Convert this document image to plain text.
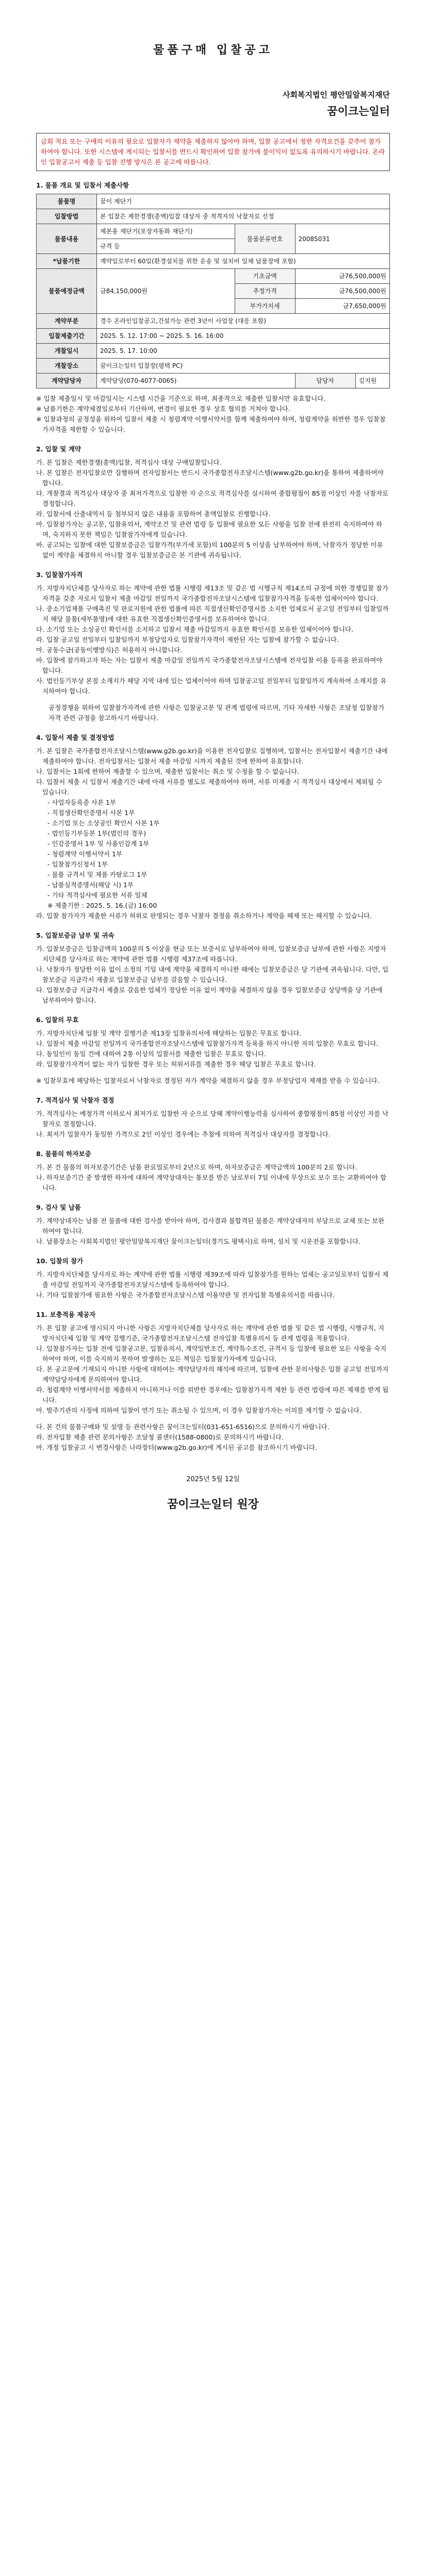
물품구매 입찰공고
사회복지법인 평안밀알복지재단
꿈이크는일터
금회 적요 또는 구매의 이유의 필요로 입찰자가 제약을 제출하지 않아야 하며, 입찰 공고에서 정한 자격요건을 갖추어 참가하여야 합니다. 또한 시스템에 게시되는 입찰서를 반드시 확인하여 입찰 참가에 불이익이 없도록 유의하시기 바랍니다. 온라인 입찰공고서 제출 등 입찰 진행 방식은 본 공고에 따릅니다.
1. 물품 개요 및 입찰서 제출사항
물품명	꿈이 제단기			
입찰방법	본 입찰은 제한경쟁(총액)입찰 대상자 중 적격자의 낙찰자로 선정			
물품내용	제본용 재단기(포장자동화 재단기)	물품분류번호	20085031	
	규격 등			
*납품기한	계약일로부터 60일(환경설치를 위한 운송 및 설치비 일체 납품장에 포함)			
물품예정금액	금84,150,000원	기초금액	금76,500,000원	
		추정가격	금76,500,000원	
		부가가치세	금7,650,000원	
계약부분	경수 온라인입찰공고,건설가능 관련 3년이 사업장 (대응 포함)			
입찰제출기간	2025. 5. 12. 17:00 ~ 2025. 5. 16. 16:00			
개찰일시	2025. 5. 17. 10:00			
개찰장소	꿈이크는일터 입찰장(평택 PC)			
계약담당자	계약담당(070-4077-0065)		담당자	김지원

※ 입찰 제출일시 및 마감일시는 시스템 시간을 기준으로 하며, 최종적으로 제출한 입찰서만 유효합니다.

※ 납품기한은 계약체결일로부터 기산하며, 변경이 필요한 경우 상호 협의를 거쳐야 합니다.

※ 입찰과정의 공정성을 위하여 입찰서 제출 시 청렴계약 이행서약서를 함께 제출하여야 하며, 청렴계약을 위반한 경우 입찰참가자격을 제한할 수 있습니다.

2. 입찰 및 계약

가. 본 입찰은 제한경쟁(총액)입찰, 적격심사 대상 구매입찰입니다.

나. 본 입찰은 전자입찰로만 집행하며 전자입찰서는 반드시 국가종합전자조달시스템(www.g2b.go.kr)을 통하여 제출하여야 합니다.

다. 개찰결과 적격심사 대상자 중 최저가격으로 입찰한 자 순으로 적격심사를 실시하여 종합평점이 85점 이상인 자를 낙찰자로 결정합니다.

라. 입찰서에 산출내역서 등 첨부되지 않은 내용을 포함하여 총액입찰로 진행합니다.

마. 입찰참가자는 공고문, 입찰유의서, 계약조건 및 관련 법령 등 입찰에 필요한 모든 사항을 입찰 전에 완전히 숙지하여야 하며, 숙지하지 못한 책임은 입찰참가자에게 있습니다.

바. 공고되는 입찰에 대한 입찰보증금은 입찰가격(부가세 포함)의 100분의 5 이상을 납부하여야 하며, 낙찰자가 정당한 이유 없이 계약을 체결하지 아니할 경우 입찰보증금은 본 기관에 귀속됩니다.

3. 입찰참가자격

가. 지방자치단체를 당사자로 하는 계약에 관한 법률 시행령 제13조 및 같은 법 시행규칙 제14조의 규정에 의한 경쟁입찰 참가자격을 갖춘 자로서 입찰서 제출 마감일 전일까지 국가종합전자조달시스템에 입찰참가자격을 등록한 업체이어야 합니다.

나. 중소기업제품 구매촉진 및 판로지원에 관한 법률에 따른 직접생산확인증명서를 소지한 업체로서 공고일 전일부터 입찰일까지 해당 물품(세부품명)에 대한 유효한 직접생산확인증명서를 보유하여야 합니다.

다. 소기업 또는 소상공인 확인서를 소지하고 입찰서 제출 마감일까지 유효한 확인서를 보유한 업체이어야 합니다.

라. 입찰 공고일 전일부터 입찰일까지 부정당업자로 입찰참가자격이 제한된 자는 입찰에 참가할 수 없습니다.

마. 공동수급(공동이행방식)은 허용하지 아니합니다.

바. 입찰에 참가하고자 하는 자는 입찰서 제출 마감일 전일까지 국가종합전자조달시스템에 전자입찰 이용 등록을 완료하여야 합니다.

사. 법인등기부상 본점 소재지가 해당 지역 내에 있는 업체이어야 하며 입찰공고일 전일부터 입찰일까지 계속하여 소재지를 유지하여야 합니다.

공정경쟁을 위하여 입찰참가자격에 관한 사항은 입찰공고문 및 관계 법령에 따르며, 기타 자세한 사항은 조달청 입찰참가자격 관련 규정을 참고하시기 바랍니다.

4. 입찰서 제출 및 결정방법

가. 본 입찰은 국가종합전자조달시스템(www.g2b.go.kr)을 이용한 전자입찰로 집행하며, 입찰서는 전자입찰서 제출기간 내에 제출하여야 합니다. 전자입찰서는 입찰서 제출 마감일 시까지 제출된 것에 한하여 유효합니다.

나. 입찰서는 1회에 한하여 제출할 수 있으며, 제출한 입찰서는 취소 및 수정을 할 수 없습니다.

다. 입찰서 제출 시 입찰서 제출기간 내에 아래 서류를 별도로 제출하여야 하며, 서류 미제출 시 적격심사 대상에서 제외될 수 있습니다.

- 사업자등록증 사본 1부
- 직접생산확인증명서 사본 1부
- 소기업 또는 소상공인 확인서 사본 1부
- 법인등기부등본 1부(법인의 경우)
- 인감증명서 1부 및 사용인감계 1부
- 청렴계약 이행서약서 1부
- 입찰참가신청서 1부
- 물품 규격서 및 제품 카탈로그 1부
- 납품실적증명서(해당 시) 1부
- 기타 적격심사에 필요한 서류 일체
※ 제출기한 : 2025. 5. 16.(금) 16:00

라. 입찰 참가자가 제출한 서류가 허위로 판명되는 경우 낙찰자 결정을 취소하거나 계약을 해제 또는 해지할 수 있습니다.

5. 입찰보증금 납부 및 귀속

가. 입찰보증금은 입찰금액의 100분의 5 이상을 현금 또는 보증서로 납부하여야 하며, 입찰보증금 납부에 관한 사항은 지방자치단체를 당사자로 하는 계약에 관한 법률 시행령 제37조에 따릅니다.

나. 낙찰자가 정당한 이유 없이 소정의 기일 내에 계약을 체결하지 아니한 때에는 입찰보증금은 당 기관에 귀속됩니다. 다만, 입찰보증금 지급각서 제출로 입찰보증금 납부를 갈음할 수 있습니다.

다. 입찰보증금 지급각서 제출로 갈음한 업체가 정당한 이유 없이 계약을 체결하지 않을 경우 입찰보증금 상당액을 당 기관에 납부하여야 합니다.

6. 입찰의 무효

가. 지방자치단체 입찰 및 계약 집행기준 제13장 입찰유의서에 해당하는 입찰은 무효로 합니다.

나. 입찰서 제출 마감일 전일까지 국가종합전자조달시스템에 입찰참가자격 등록을 하지 아니한 자의 입찰은 무효로 합니다.

다. 동일인이 동일 건에 대하여 2통 이상의 입찰서를 제출한 입찰은 무효로 합니다.

라. 입찰참가자격이 없는 자가 입찰한 경우 또는 허위서류를 제출한 경우 해당 입찰은 무효로 합니다.

※ 입찰무효에 해당하는 입찰자로서 낙찰자로 결정된 자가 계약을 체결하지 않을 경우 부정당업자 제재를 받을 수 있습니다.

7. 적격심사 및 낙찰자 결정

가. 적격심사는 예정가격 이하로서 최저가로 입찰한 자 순으로 당해 계약이행능력을 심사하여 종합평점이 85점 이상인 자를 낙찰자로 결정합니다.

나. 최저가 입찰자가 동일한 가격으로 2인 이상인 경우에는 추첨에 의하여 적격심사 대상자를 결정합니다.

8. 물품의 하자보증

가. 본 건 물품의 하자보증기간은 납품 완료일로부터 2년으로 하며, 하자보증금은 계약금액의 100분의 2로 합니다.

나. 하자보증기간 중 발생한 하자에 대하여 계약상대자는 통보를 받은 날로부터 7일 이내에 무상으로 보수 또는 교환하여야 합니다.

9. 검사 및 납품

가. 계약상대자는 납품 전 물품에 대한 검사를 받아야 하며, 검사결과 불합격된 물품은 계약상대자의 부담으로 교체 또는 보완하여야 합니다.

나. 납품장소는 사회복지법인 평안밀알복지재단 꿈이크는일터(경기도 평택시)로 하며, 설치 및 시운전을 포함합니다.

10. 입찰의 참가

가. 지방자치단체를 당사자로 하는 계약에 관한 법률 시행령 제39조에 따라 입찰참가를 원하는 업체는 공고일로부터 입찰서 제출 마감일 전일까지 국가종합전자조달시스템에 등록하여야 합니다.

나. 기타 입찰참가에 필요한 사항은 국가종합전자조달시스템 이용약관 및 전자입찰 특별유의서를 따릅니다.

11. 보충적용 제공자

가. 본 입찰 공고에 명시되지 아니한 사항은 지방자치단체를 당사자로 하는 계약에 관한 법률 및 같은 법 시행령, 시행규칙, 지방자치단체 입찰 및 계약 집행기준, 국가종합전자조달시스템 전자입찰 특별유의서 등 관계 법령을 적용합니다.

나. 입찰참가자는 입찰 전에 입찰공고문, 입찰유의서, 계약일반조건, 계약특수조건, 규격서 등 입찰에 필요한 모든 사항을 숙지하여야 하며, 이를 숙지하지 못하여 발생하는 모든 책임은 입찰참가자에게 있습니다.

다. 본 공고문에 기재되지 아니한 사항에 대하여는 계약담당자의 해석에 따르며, 입찰에 관한 문의사항은 입찰 공고일 전일까지 계약담당자에게 문의하여야 합니다.

라. 청렴계약 이행서약서를 제출하지 아니하거나 이를 위반한 경우에는 입찰참가자격 제한 등 관련 법령에 따른 제재를 받게 됩니다.

마. 발주기관의 사정에 의하여 입찰이 연기 또는 취소될 수 있으며, 이 경우 입찰참가자는 이의를 제기할 수 없습니다.

다. 본 건의 물품구매와 및 설명 등 관련사항은 꿈이크는일터(031-651-6516)으로 문의하시기 바랍니다.

라. 전자입찰 제출 관련 문의사항은 조달청 콜센터(1588-0800)로 문의하시기 바랍니다.

마. 개정 입찰공고 시 변경사항은 나라장터(www.g2b.go.kr)에 게시된 공고를 참조하시기 바랍니다.

2025년 5월 12일
꿈이크는일터 원장
